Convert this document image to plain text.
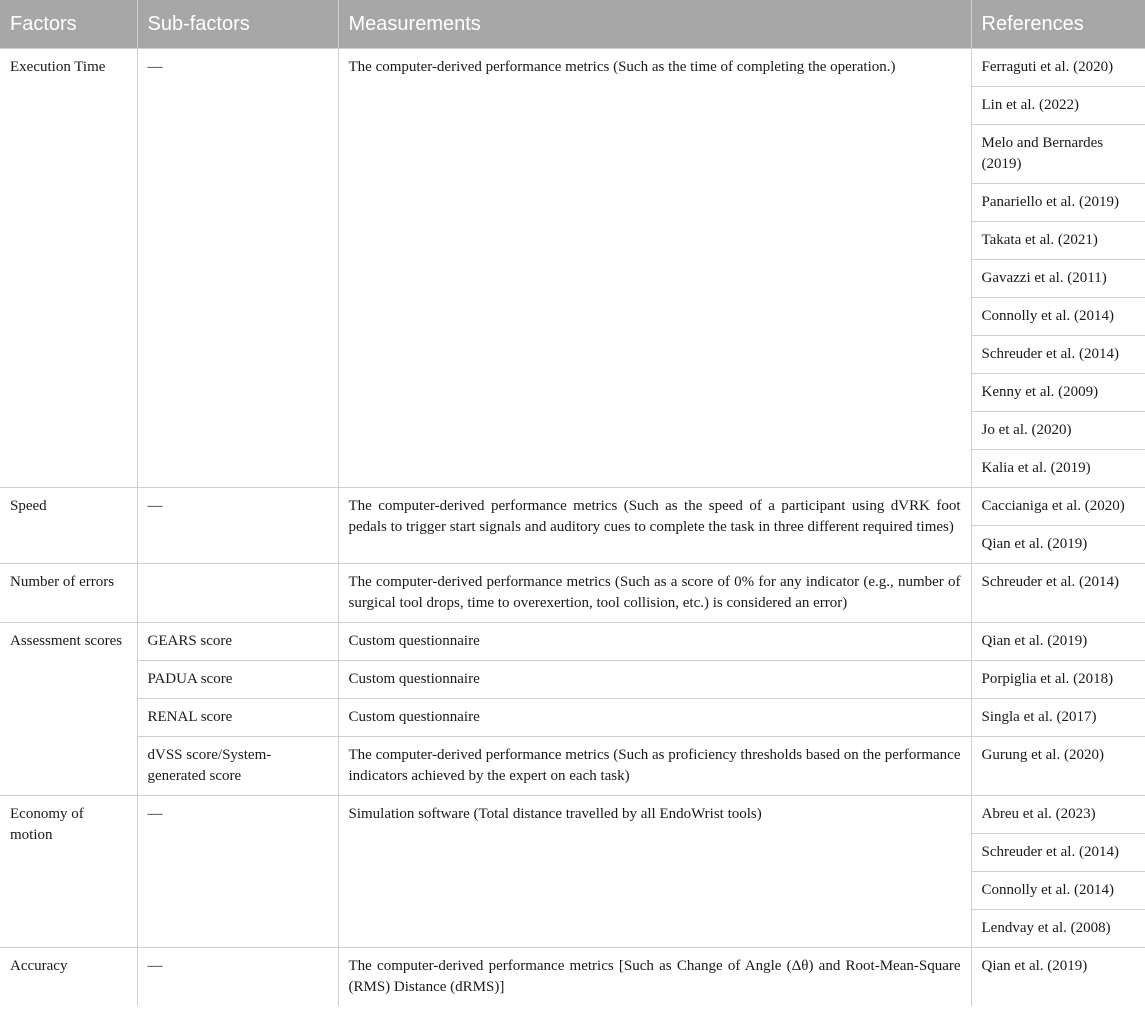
Factors	Sub-factors	Measurements	References
Execution Time	—	The computer-derived performance metrics (Such as the time of completing the operation.)	Ferraguti et al. (2020)
			Lin et al. (2022)
			Melo and Bernardes (2019)
			Panariello et al. (2019)
			Takata et al. (2021)
			Gavazzi et al. (2011)
			Connolly et al. (2014)
			Schreuder et al. (2014)
			Kenny et al. (2009)
			Jo et al. (2020)
			Kalia et al. (2019)
Speed	—	The computer-derived performance metrics (Such as the speed of a participant using dVRK foot pedals to trigger start signals and auditory cues to complete the task in three different required times)	Caccianiga et al. (2020)
			Qian et al. (2019)
Number of errors		The computer-derived performance metrics (Such as a score of 0% for any indicator (e.g., number of surgical tool drops, time to overexertion, tool collision, etc.) is considered an error)	Schreuder et al. (2014)
Assessment scores	GEARS score	Custom questionnaire	Qian et al. (2019)
	PADUA score	Custom questionnaire	Porpiglia et al. (2018)
	RENAL score	Custom questionnaire	Singla et al. (2017)
	dVSS score/System-generated score	The computer-derived performance metrics (Such as proficiency thresholds based on the performance indicators achieved by the expert on each task)	Gurung et al. (2020)
Economy of motion	—	Simulation software (Total distance travelled by all EndoWrist tools)	Abreu et al. (2023)
			Schreuder et al. (2014)
			Connolly et al. (2014)
			Lendvay et al. (2008)
Accuracy	—	The computer-derived performance metrics [Such as Change of Angle (Δθ) and Root-Mean-Square (RMS) Distance (dRMS)]	Qian et al. (2019)
